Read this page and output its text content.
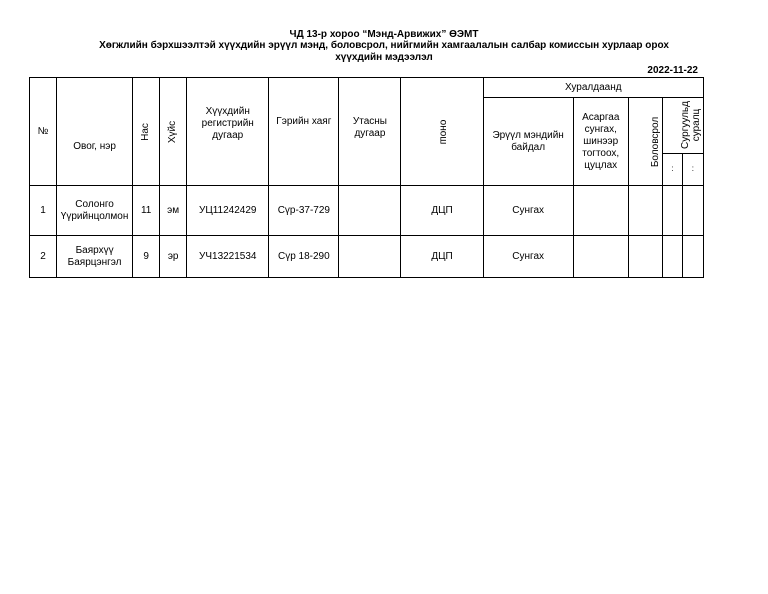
ЧД 13-р хороо “Мэнд-Арвижих” ӨЭМТ
Хөгжлийн бэрхшээлтэй хүүхдийн эрүүл мэнд, боловсрол, нийгмийн хамгаалалын салбар комиссын хурлаар орох
хүүхдийн мэдээлэл
2022-11-22
№	Овог, нэр	Нас	Хүйс	Хүүхдийн регистрийн дугаар	Гэрийн хаяг	Утасны дугаар	онош	Хуралдаанд				
								Эрүүл мэндийн байдал	Асаргаа сунгах, шинээр тогтоох, цуцлах	Боловсрол	Сургуульд суралц	
											:	:
1	Солонго Үүрийнцолмон	11	эм	УЦ11242429	Сүр-37-729		ДЦП	Сунгах				
2	Баярхүү Баярцэнгэл	9	эр	УЧ13221534	Сүр 18-290		ДЦП	Сунгах				
